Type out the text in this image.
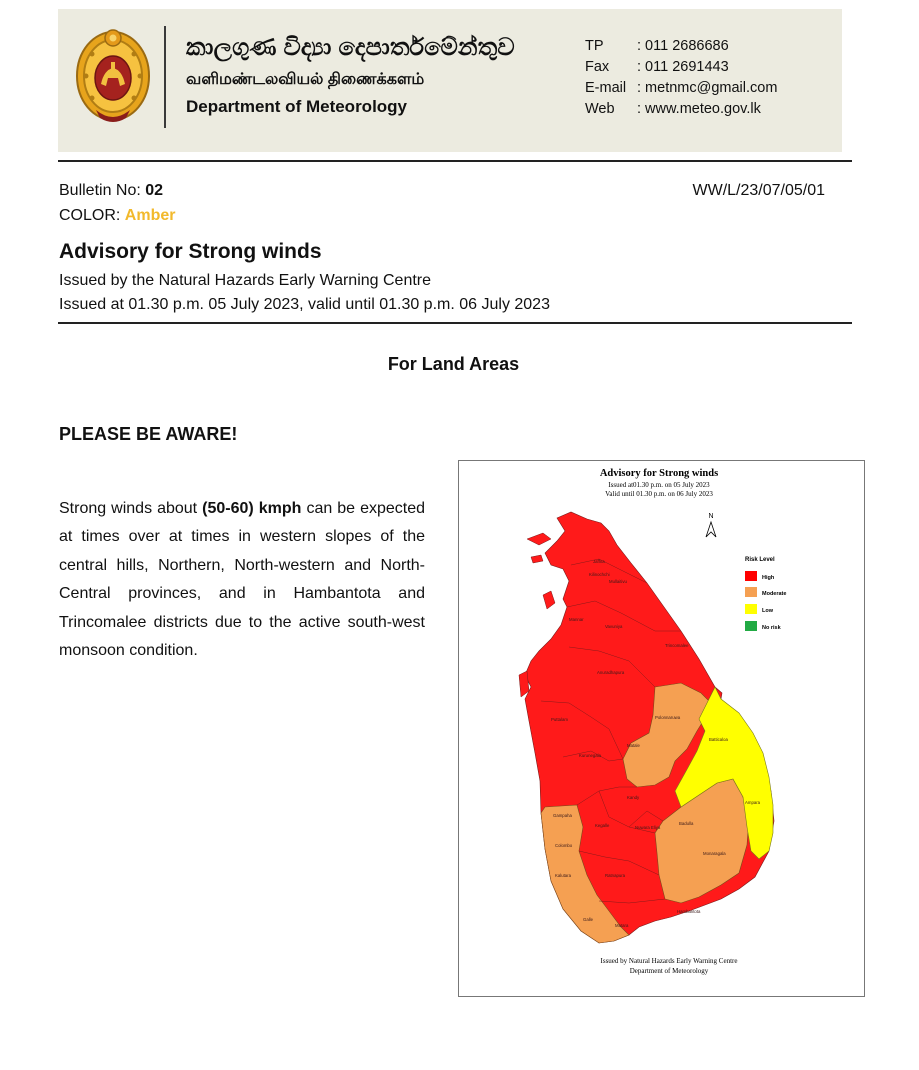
කාලගුණ විද්‍යා දෙපාර්තමේන්තුව
வளிமண்டலவியல் திணைக்களம்
Department of Meteorology
TP	: 011 2686686
Fax	: 011 2691443
E-mail : metnmc@gmail.com
Web	: www.meteo.gov.lk
Bulletin No: 02
COLOR: Amber
WW/L/23/07/05/01
Advisory for Strong winds
Issued by the Natural Hazards Early Warning Centre
Issued at 01.30 p.m. 05 July 2023, valid until 01.30 p.m. 06 July 2023
For Land Areas
PLEASE BE AWARE!
Strong winds about (50-60) kmph can be expected at times over at times in western slopes of the central hills, Northern, North-western and North-Central provinces, and in Hambantota and Trincomalee districts due to the active south-west monsoon condition.
Advisory for Strong winds
Issued at01.30 p.m. on 05 July 2023
Valid until 01.30 p.m. on 06 July 2023
N
Jaffna
Kilinochchi
Mullaitivu
Mannar
Vavuniya
Trincomalee
Anuradhapura
Puttalam	Polonnaruwa
Batticaloa
Matale
Kurunegala
Ampara
Kandy
Gampaha
Kegalle	Nuwara Eliya
Badulla
Colombo
Monaragala
Kalutara	Ratnapura
Hambantota
Galle
Matara
Risk Level
High
Moderate
Low
No risk
Issued by Natural Hazards Early Warning Centre
Department of Meteorology
